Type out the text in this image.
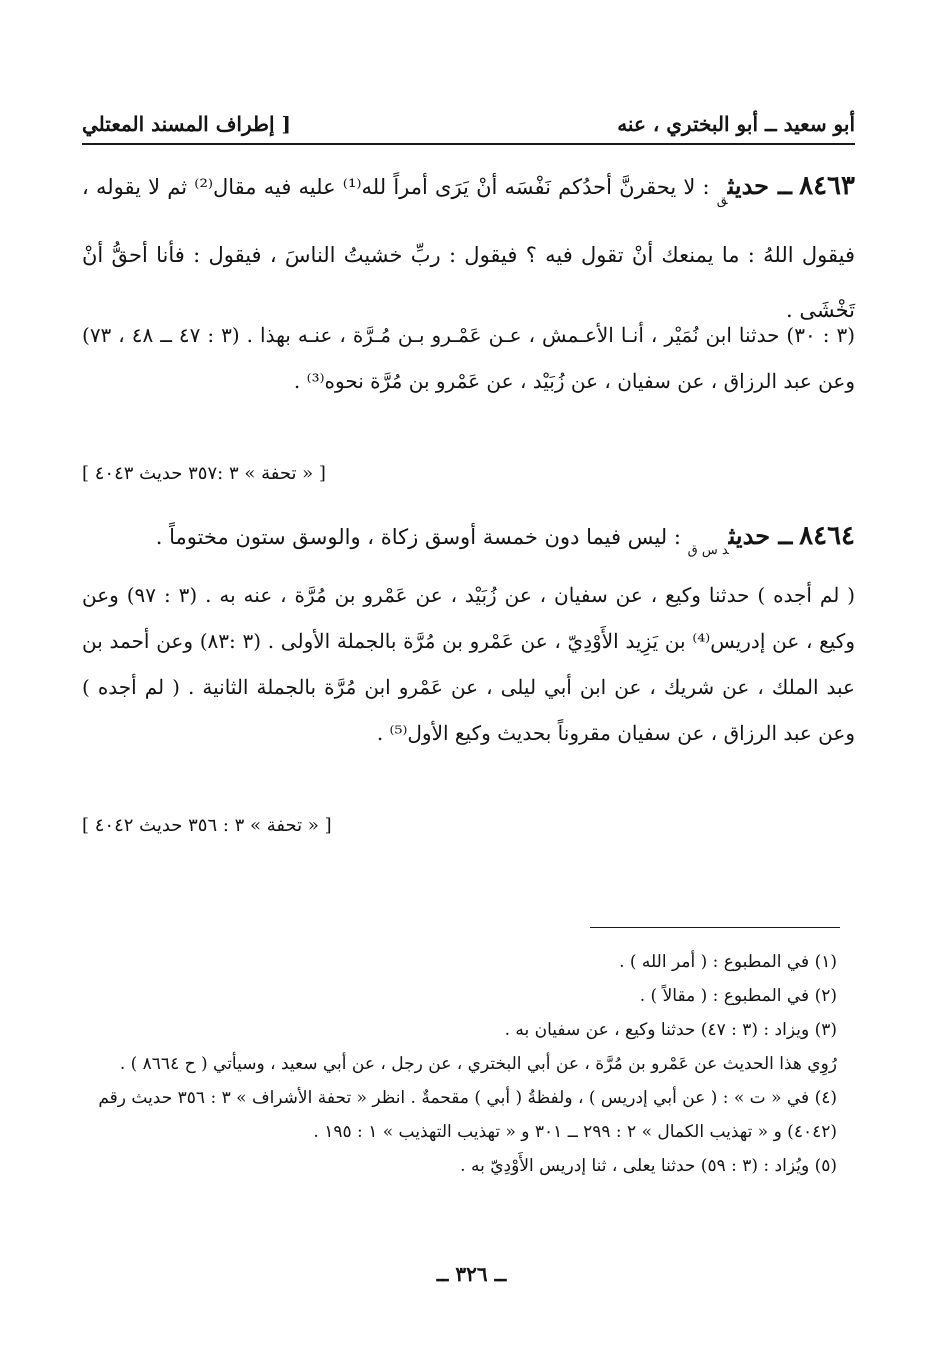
أبو سعيد ــ أبو البختري ، عنه
[ إطراف المسند المعتلي
٨٤٦٣ ــ حديث$_ق$ : لا يحقرنَّ أحدُكم نَفْسَه أنْ يَرَى أمراً لله⁽¹⁾ عليه فيه مقال⁽²⁾ ثم لا يقوله ، فيقول اللهُ : ما يمنعك أنْ تقول فيه ؟ فيقول : ربِّ خشيتُ الناسَ ، فيقول : فأنا أحقُّ أنْ تَخْشَى .
(٣ : ٣٠) حدثنا ابن نُمَيْر ، أنـا الأعـمش ، عـن عَمْـرو بـن مُـرَّة ، عنـه بهذا . (٣ : ٤٧ ــ ٤٨ ، ٧٣) وعن عبد الرزاق ، عن سفيان ، عن زُبَيْد ، عن عَمْرو بن مُرَّة نحوه⁽³⁾ .
[ « تحفة » ٣ :٣٥٧ حديث ٤٠٤٣ ]
٨٤٦٤ ــ حديث$_{د س ق}$ : ليس فيما دون خمسة أوسق زكاة ، والوسق ستون مختوماً .
( لم أجده ) حدثنا وكيع ، عن سفيان ، عن زُبَيْد ، عن عَمْرو بن مُرَّة ، عنه به . (٣ : ٩٧) وعن وكيع ، عن إدريس⁽⁴⁾ بن يَزِيد الأَوْدِيّ ، عن عَمْرو بن مُرَّة بالجملة الأولى . (٣ :٨٣) وعن أحمد بن عبد الملك ، عن شريك ، عن ابن أبي ليلى ، عن عَمْرو ابن مُرَّة بالجملة الثانية . ( لم أجده ) وعن عبد الرزاق ، عن سفيان مقروناً بحديث وكيع الأول⁽⁵⁾ .
[ « تحفة » ٣ : ٣٥٦ حديث ٤٠٤٢ ]
(١) في المطبوع : ( أمر الله ) .
(٢) في المطبوع : ( مقالاً ) .
(٣) ويزاد : (٣ : ٤٧) حدثنا وكيع ، عن سفيان به .
رُوِي هذا الحديث عن عَمْرو بن مُرَّة ، عن أبي البختري ، عن رجل ، عن أبي سعيد ، وسيأتي ( ح ٨٦٦٤ ) .
(٤) في « ت » : ( عن أبي إدريس ) ، ولفظةُ ( أبي ) مقحمةٌ . انظر « تحفة الأشراف » ٣ : ٣٥٦ حديث رقم (٤٠٤٢) و « تهذيب الكمال » ٢ : ٢٩٩ ــ ٣٠١ و « تهذيب التهذيب » ١ : ١٩٥ .
(٥) ويُزاد : (٣ : ٥٩) حدثنا يعلى ، ثنا إدريس الأَوْدِيّ به .
ــ ٣٢٦ ــ
